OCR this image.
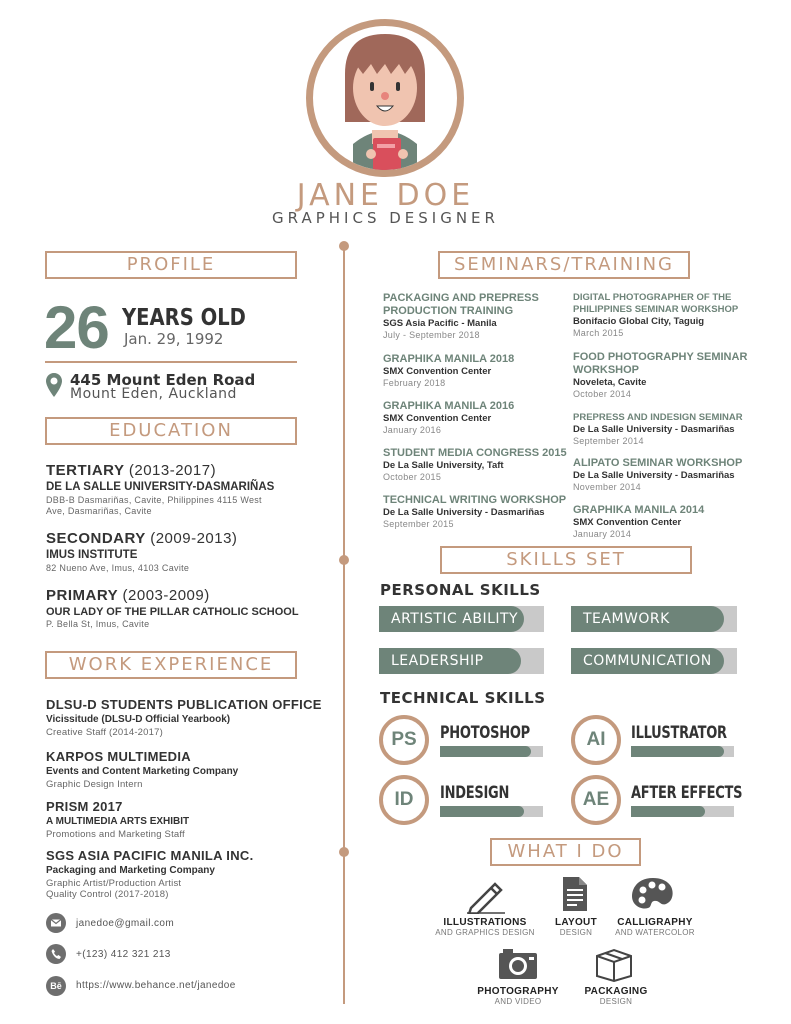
JANE DOE
GRAPHICS DESIGNER
PROFILE
26 YEARS OLD
Jan. 29, 1992
445 Mount Eden Road
Mount Eden, Auckland
EDUCATION
TERTIARY (2013-2017)
DE LA SALLE UNIVERSITY-DASMARIÑAS
DBB-B Dasmariñas, Cavite, Philippines 4115 West
Ave, Dasmariñas, Cavite
SECONDARY (2009-2013)
IMUS INSTITUTE
82 Nueno Ave, Imus, 4103 Cavite
PRIMARY (2003-2009)
OUR LADY OF THE PILLAR CATHOLIC SCHOOL
P. Bella St, Imus, Cavite
WORK EXPERIENCE
DLSU-D STUDENTS PUBLICATION OFFICE
Vicissitude (DLSU-D Official Yearbook)
Creative Staff (2014-2017)
KARPOS MULTIMEDIA
Events and Content Marketing Company
Graphic Design Intern
PRISM 2017
A MULTIMEDIA ARTS EXHIBIT
Promotions and Marketing Staff
SGS ASIA PACIFIC MANILA INC.
Packaging and Marketing Company
Graphic Artist/Production Artist
Quality Control (2017-2018)
janedoe@gmail.com
+(123) 412 321 213
Bē	https://www.behance.net/janedoe
SEMINARS/TRAINING
PACKAGING AND PREPRESS
PRODUCTION TRAINING
SGS Asia Pacific - Manila
July - September 2018
GRAPHIKA MANILA 2018
SMX Convention Center
February 2018
GRAPHIKA MANILA 2016
SMX Convention Center
January 2016
STUDENT MEDIA CONGRESS 2015
De La Salle University, Taft
October 2015
TECHNICAL WRITING WORKSHOP
De La Salle University - Dasmariñas
September 2015
DIGITAL PHOTOGRAPHER OF THE
PHILIPPINES SEMINAR WORKSHOP
Bonifacio Global City, Taguig
March 2015
FOOD PHOTOGRAPHY SEMINAR
WORKSHOP
Noveleta, Cavite
October 2014
PREPRESS AND INDESIGN SEMINAR
De La Salle University - Dasmariñas
September 2014
ALIPATO SEMINAR WORKSHOP
De La Salle University - Dasmariñas
November 2014
GRAPHIKA MANILA 2014
SMX Convention Center
January 2014
SKILLS SET
PERSONAL SKILLS
ARTISTIC ABILITY	TEAMWORK
LEADERSHIP	COMMUNICATION
TECHNICAL SKILLS
PS	PHOTOSHOP	AI	ILLUSTRATOR
ID	INDESIGN	AE	AFTER EFFECTS
WHAT I DO
ILLUSTRATIONS
AND GRAPHICS DESIGN
LAYOUT
DESIGN
CALLIGRAPHY
AND WATERCOLOR
PHOTOGRAPHY
AND VIDEO
PACKAGING
DESIGN
